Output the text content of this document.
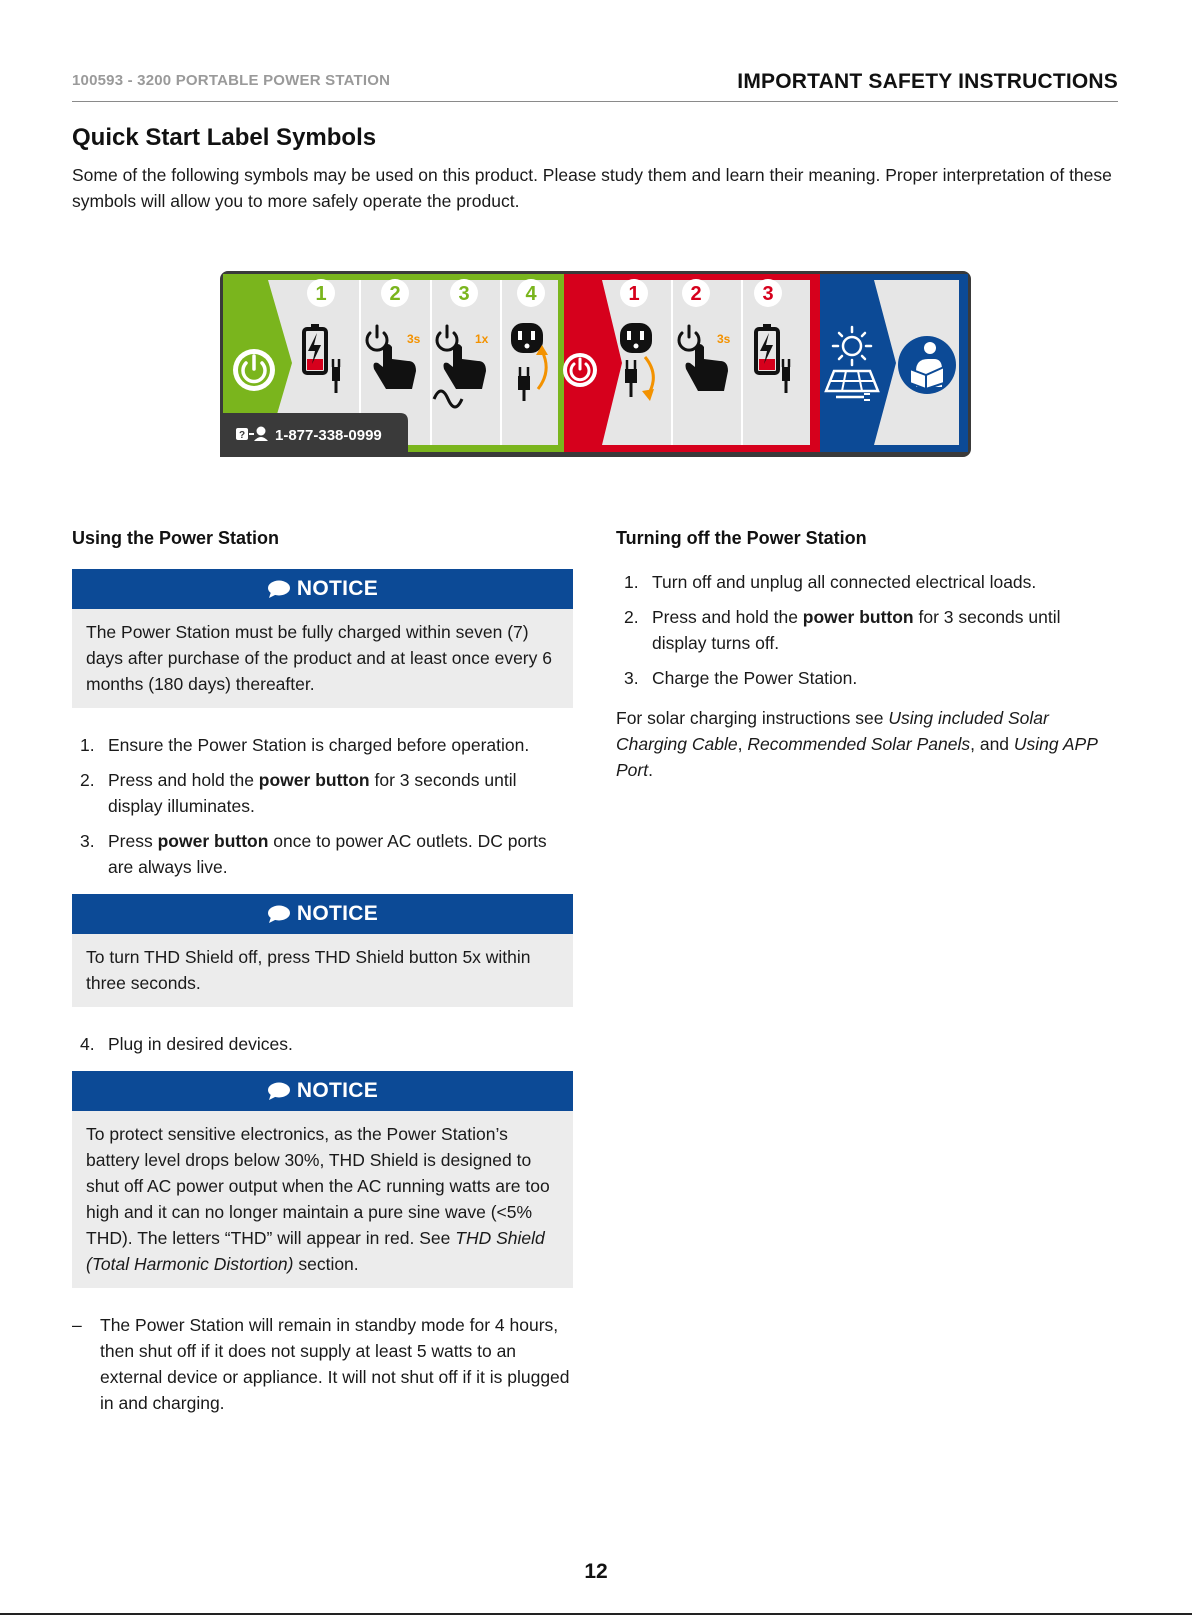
100593 - 3200 PORTABLE POWER STATION	IMPORTANT SAFETY INSTRUCTIONS
Quick Start Label Symbols
Some of the following symbols may be used on this product. Please study them and learn their meaning. Proper interpretation of these symbols will allow you to more safely operate the product.
1	2	3	4
3s	1x
1	2	3
3s
? 1-877-338-0999
Using the Power Station
NOTICE
The Power Station must be fully charged within seven (7) days after purchase of the product and at least once every 6 months (180 days) thereafter.
1. Ensure the Power Station is charged before operation.
2. Press and hold the power button for 3 seconds until display illuminates.
3. Press power button once to power AC outlets. DC ports are always live.
NOTICE
To turn THD Shield off, press THD Shield button 5x within three seconds.
4. Plug in desired devices.
NOTICE
To protect sensitive electronics, as the Power Station’s battery level drops below 30%, THD Shield is designed to shut off AC power output when the AC running watts are too high and it can no longer maintain a pure sine wave (<5% THD). The letters “THD” will appear in red. See THD Shield (Total Harmonic Distortion) section.
– The Power Station will remain in standby mode for 4 hours, then shut off if it does not supply at least 5 watts to an external device or appliance. It will not shut off if it is plugged in and charging.
Turning off the Power Station
1. Turn off and unplug all connected electrical loads.
2. Press and hold the power button for 3 seconds until display turns off.
3. Charge the Power Station.
For solar charging instructions see Using included Solar Charging Cable, Recommended Solar Panels, and Using APP Port.
12
